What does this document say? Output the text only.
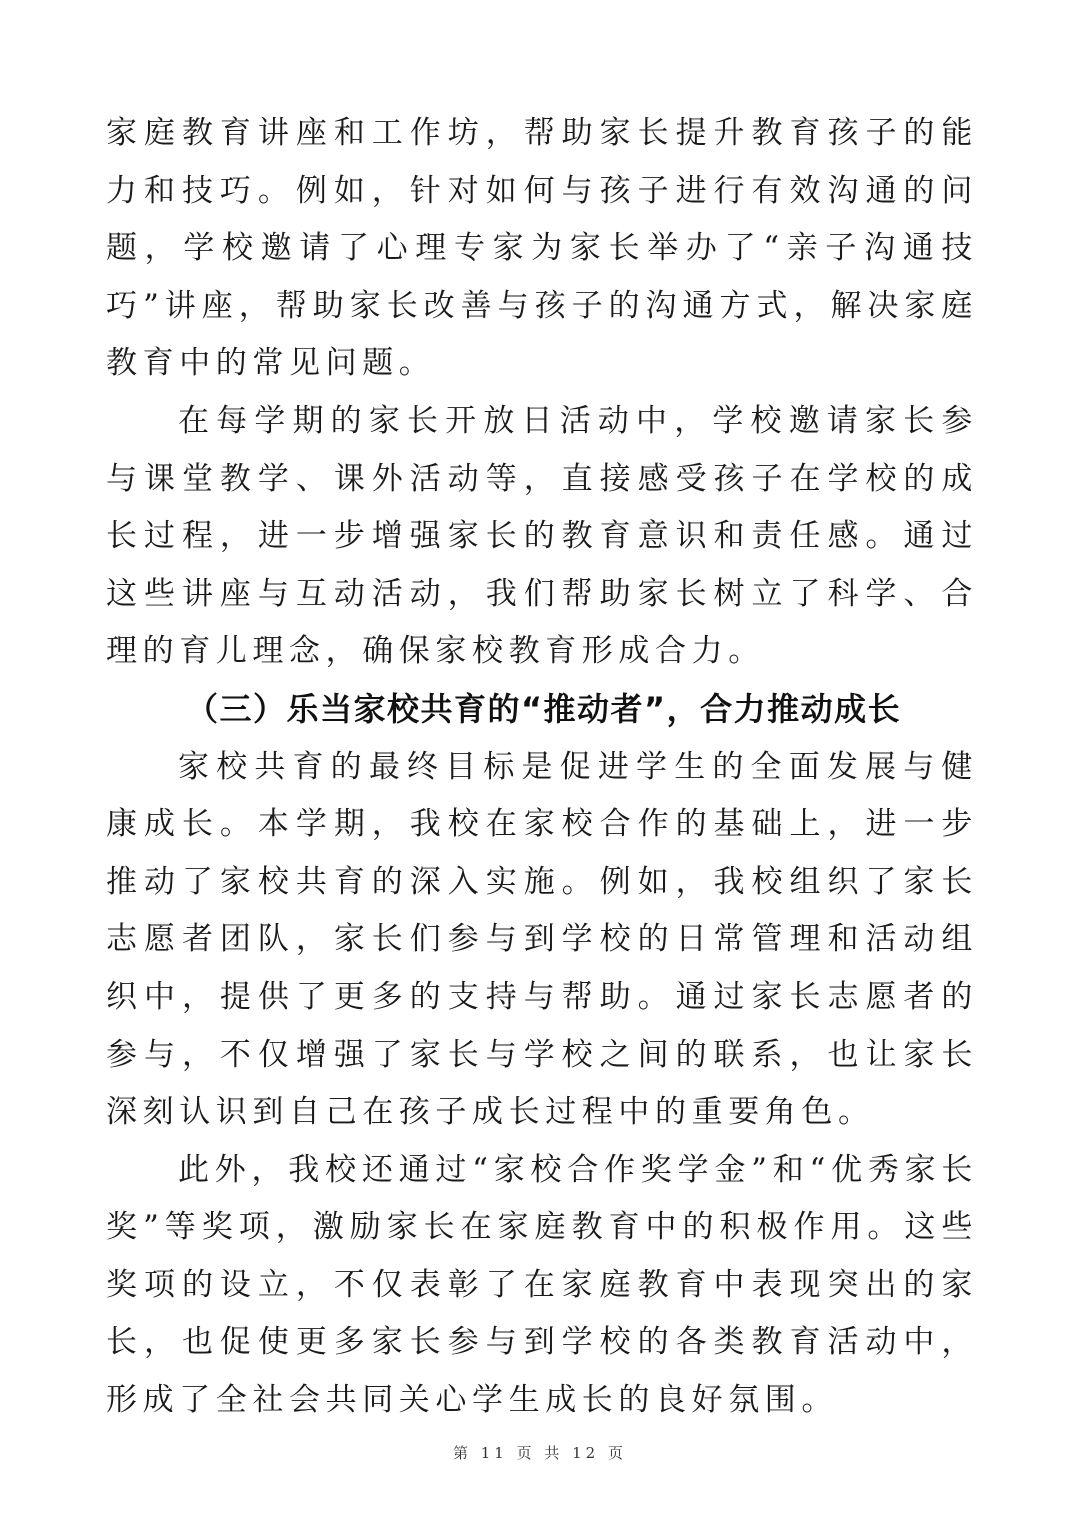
家庭教育讲座和工作坊，帮助家长提升教育孩子的能力和技巧。例如，针对如何与孩子进行有效沟通的问题，学校邀请了心理专家为家长举办了“亲子沟通技巧”讲座，帮助家长改善与孩子的沟通方式，解决家庭教育中的常见问题。

在每学期的家长开放日活动中，学校邀请家长参与课堂教学、课外活动等，直接感受孩子在学校的成长过程，进一步增强家长的教育意识和责任感。通过这些讲座与互动活动，我们帮助家长树立了科学、合理的育儿理念，确保家校教育形成合力。

（三）乐当家校共育的“推动者”，合力推动成长

家校共育的最终目标是促进学生的全面发展与健康成长。本学期，我校在家校合作的基础上，进一步推动了家校共育的深入实施。例如，我校组织了家长志愿者团队，家长们参与到学校的日常管理和活动组织中，提供了更多的支持与帮助。通过家长志愿者的参与，不仅增强了家长与学校之间的联系，也让家长深刻认识到自己在孩子成长过程中的重要角色。

此外，我校还通过“家校合作奖学金”和“优秀家长奖”等奖项，激励家长在家庭教育中的积极作用。这些奖项的设立，不仅表彰了在家庭教育中表现突出的家长，也促使更多家长参与到学校的各类教育活动中，形成了全社会共同关心学生成长的良好氛围。

第 11 页 共 12 页
